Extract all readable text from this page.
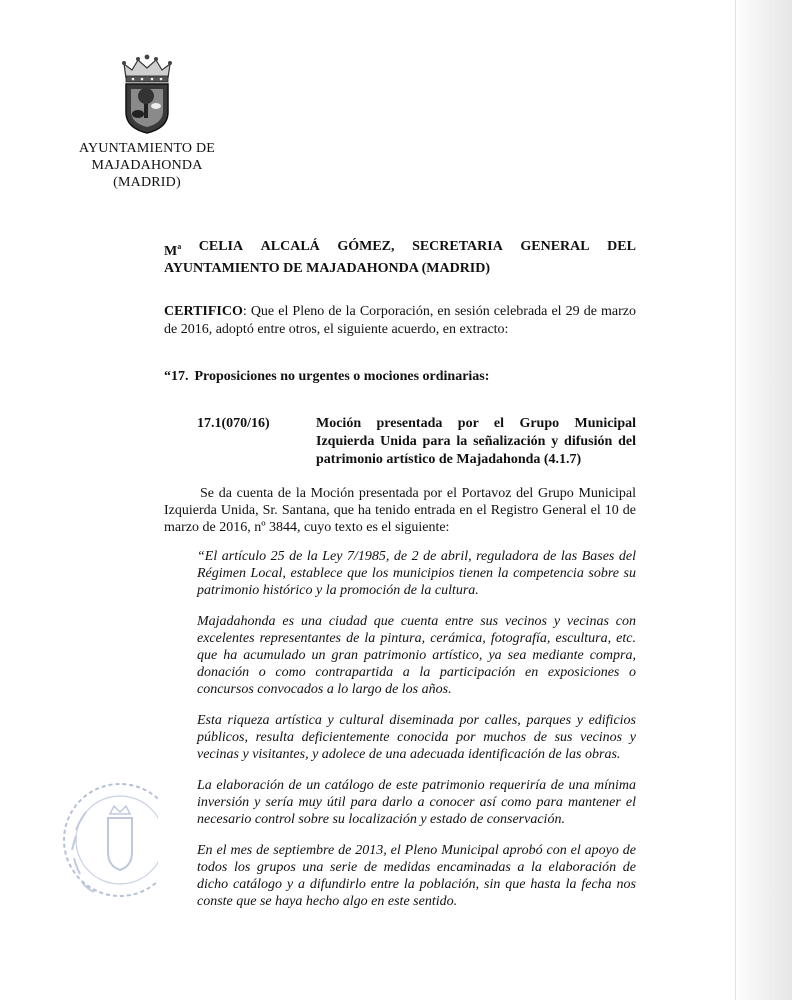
AYUNTAMIENTO DE
MAJADAHONDA
(MADRID)
$M^a$ CELIA ALCALÁ GÓMEZ, SECRETARIA GENERAL DEL
AYUNTAMIENTO DE MAJADAHONDA (MADRID)
CERTIFICO: Que el Pleno de la Corporación, en sesión celebrada el 29 de marzo de 2016, adoptó entre otros, el siguiente acuerdo, en extracto:
“17. Proposiciones no urgentes o mociones ordinarias:
17.1(070/16)	Moción presentada por el Grupo Municipal Izquierda Unida para la señalización y difusión del patrimonio artístico de Majadahonda (4.1.7)
Se da cuenta de la Moción presentada por el Portavoz del Grupo Municipal Izquierda Unida, Sr. Santana, que ha tenido entrada en el Registro General el 10 de marzo de 2016, nº 3844, cuyo texto es el siguiente:
“El artículo 25 de la Ley 7/1985, de 2 de abril, reguladora de las Bases del Régimen Local, establece que los municipios tienen la competencia sobre su patrimonio histórico y la promoción de la cultura.
Majadahonda es una ciudad que cuenta entre sus vecinos y vecinas con excelentes representantes de la pintura, cerámica, fotografía, escultura, etc. que ha acumulado un gran patrimonio artístico, ya sea mediante compra, donación o como contrapartida a la participación en exposiciones o concursos convocados a lo largo de los años.
Esta riqueza artística y cultural diseminada por calles, parques y edificios públicos, resulta deficientemente conocida por muchos de sus vecinos y vecinas y visitantes, y adolece de una adecuada identificación de las obras.
La elaboración de un catálogo de este patrimonio requeriría de una mínima inversión y sería muy útil para darlo a conocer así como para mantener el necesario control sobre su localización y estado de conservación.
En el mes de septiembre de 2013, el Pleno Municipal aprobó con el apoyo de todos los grupos una serie de medidas encaminadas a la elaboración de dicho catálogo y a difundirlo entre la población, sin que hasta la fecha nos conste que se haya hecho algo en este sentido.
